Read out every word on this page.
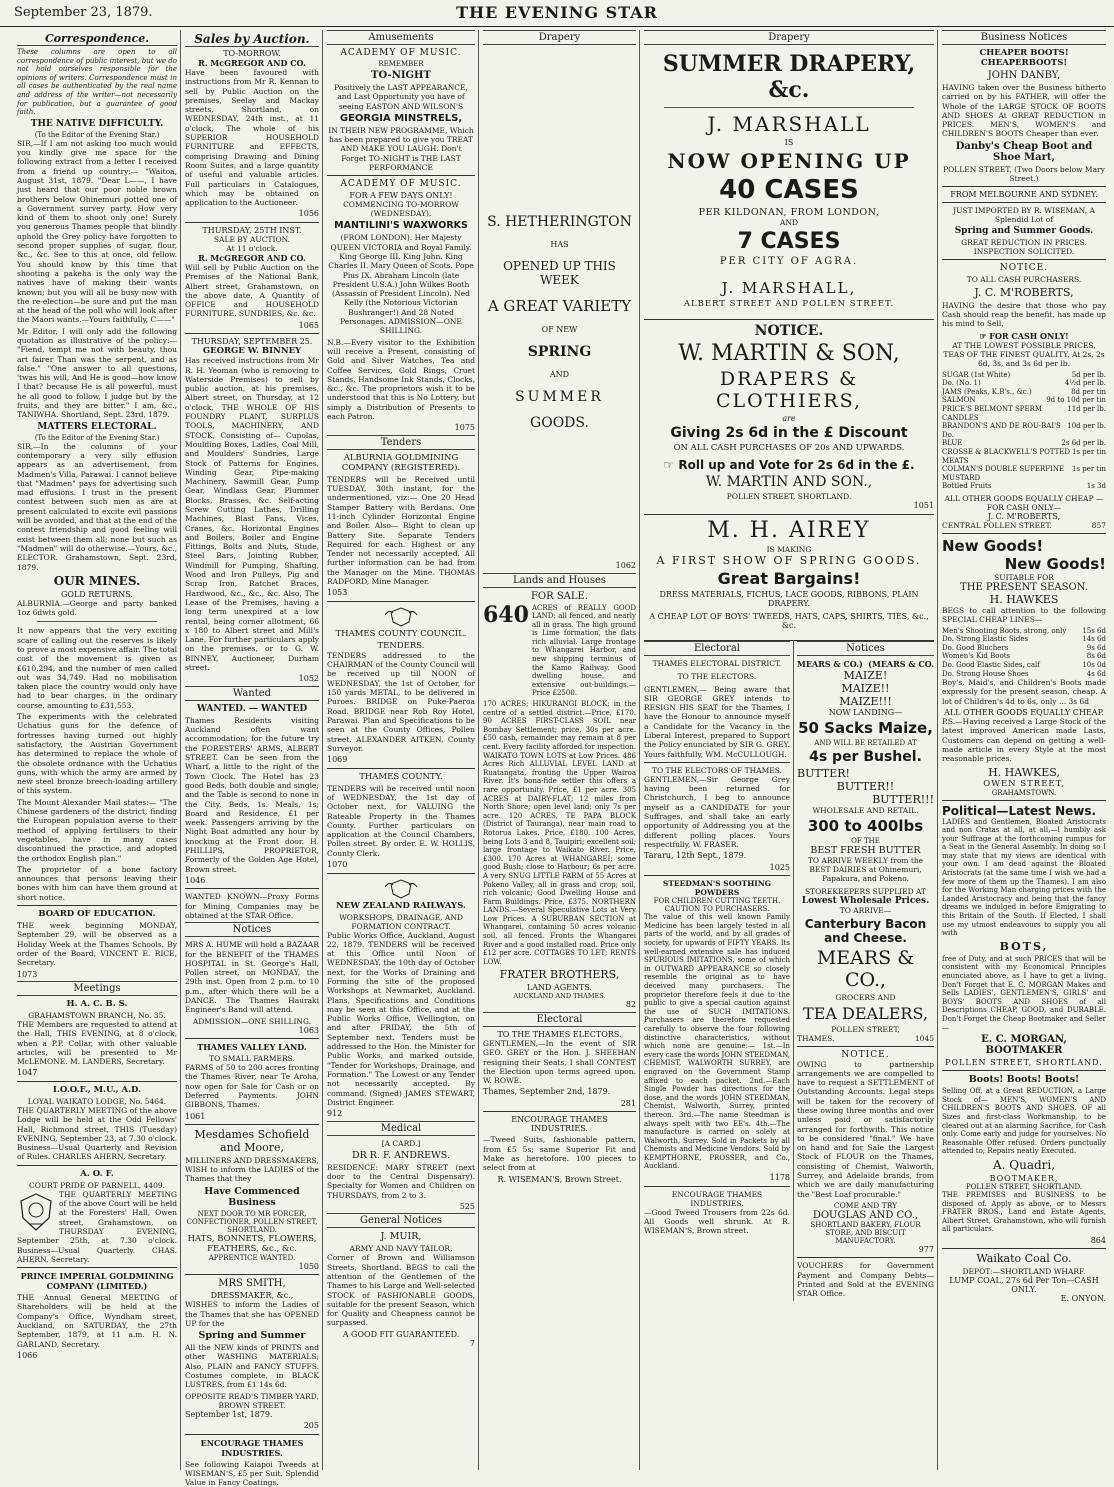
September 23, 1879.	THE EVENING STAR
Correspondence.

These columns are open to all correspondence of public interest, but we do not hold ourselves responsible for the opinions of writers. Correspondence must in all cases be authenticated by the real name and address of the writer—not necessarily for publication, but a guarantee of good faith.

THE NATIVE DIFFICULTY.
(To the Editor of the Evening Star.)

SIR,—If I am not asking too much would you kindly give me space for the following extract from a letter I received from a friend up country:— "Waitoa, August 31st, 1879. "Dear L——, I have just heard that our poor noble brown brothers below Ohinemuri potted one of a Government survey party. How very kind of them to shoot only one! Surely you generous Thames people that blindly uphold the Grey policy have forgotten to second proper supplies of sugar, flour, &c., &c. See to this at once, old fellow. You should know by this time that shooting a pakeha is the only way the natives have of making their wants known; but you will all be busy now with the re-election—be sure and put the man at the head of the poll who will look after the Maori wants.—Yours faithfully, C——"

Mr Editor, I will only add the following quotation as illustrative of the policy:— "Fiend, tempt me not with beauty, thou art fairer Than was the serpent, and as false." "One answer to all questions, 'twas his will, And He is good—how know I that? because He is all powerful, must he all good to follow, I judge but by the fruits, and they are bitter." I am, &c., TANIWHA. Shortland, Sept. 23rd, 1879.

MATTERS ELECTORAL.
(To the Editor of the Evening Star.)

SIR,—In the columns of your contemporary a very silly effusion appears as an advertisement, from Madmen's Villa, Parawai. I cannot believe that "Madmen" pays for advertising such mad effusions. I trust in the present contest between such men as are at present calculated to excite evil passions will be avoided, and that at the end of the contest friendship and good feeling will exist between them all; none but such as "Madmen" will do otherwise.—Yours, &c., ELECTOR. Grahamstown, Sept. 23rd, 1879.

OUR MINES.
GOLD RETURNS.

ALBURNIA.—George and party banked 1oz 6dwts gold.

It now appears that the very exciting scare of calling out the reserves is likely to prove a most expensive affair. The total cost of the movement is given as £610,294, and the number of men called out was 34,749. Had no mobilisation taken place the country would only have had to bear charges, in the ordinary course, amounting to £31,553.

The experiments with the celebrated Uchatius guns for the defence of fortresses having turned out highly satisfactory, the Austrian Government has determined to replace the whole of the obsolete ordnance with the Uchatius guns, with which the army are armed by new steel bronze breech-loading artillery of this system.

The Mount Alexander Mail states:— "The Chinese gardeners of the district, finding the European population averse to their method of applying fertilisers to their vegetables, have in many cases discontinued the practice, and adopted the orthodox English plan."

The proprietor of a bone factory announces that persons leaving their bones with him can have them ground at short notice.

BOARD OF EDUCATION.

THE week beginning MONDAY, September 29, will be observed as a Holiday Week at the Thames Schools. By order of the Board, VINCENT E. RICE, Secretary.

1073
Meetings
H. A. C. B. S.
GRAHAMSTOWN BRANCH, No. 35.

THE Members are requested to attend at the Hall, THIS EVENING, at 8 o'clock, when a P.P. Collar, with other valuable articles, will be presented to Mr McLEMONE. M. LANDERS, Secretary.

1047
I.O.O.F., M.U., A.D.
LOYAL WAIKATO LODGE, No. 5464.

THE QUARTERLY MEETING of the above Lodge will be held at the Odd Fellows' Hall, Richmond street, THIS (Tuesday) EVENING, September 23, at 7.30 o'clock. Business—Usual Quarterly and Revision of Rules. CHARLES AHERN, Secretary.

A. O. F.
COURT PRIDE OF PARNELL, 4409.

THE QUARTERLY MEETING of the above Court will be held at the Foresters' Hall, Owen street, Grahamstown, on THURSDAY EVENING, September 25th, at 7.30 o'clock. Business—Usual Quarterly. CHAS. AHERN, Secretary.

PRINCE IMPERIAL GOLDMINING COMPANY (LIMITED.)

THE Annual General MEETING of Shareholders will be held at the Company's Office, Wyndham street, Auckland, on SATURDAY, the 27th September, 1879, at 11 a.m. H. N. GARLAND, Secretary.

1066
Sales by Auction.
TO-MORROW.
R. McGREGOR AND CO.

Have been favoured with instructions from Mr R. Kennan to sell by Public Auction on the premises, Seelay and Mackay streets, Shortland, on WEDNESDAY, 24th inst., at 11 o'clock, The whole of his SUPERIOR HOUSEHOLD FURNITURE and EFFECTS, comprising Drawing and Dining Room Suites, and a large quantity of useful and valuable articles. Full particulars in Catalogues, which may be obtained on application to the Auctioneer.

1056
THURSDAY, 25TH INST.
SALE BY AUCTION.
At 11 o'clock.
R. McGREGOR AND CO.

Will sell by Public Auction on the Premises of the National Bank, Albert street, Grahamstown, on the above date, A Quantity of OFFICE and HOUSEHOLD FURNITURE, SUNDRIES, &c. &c.

1065
THURSDAY, SEPTEMBER 25.
GEORGE W. BINNEY

Has received instructions from Mr R. H. Yeoman (who is removing to Waterside Premises) to sell by public auction, at his premises, Albert street, on Thursday, at 12 o'clock, THE WHOLE OF HIS FOUNDRY PLANT, SURPLUS TOOLS, MACHINERY, AND STOCK, Consisting of— Cupolas, Moulding Boxes, Ladles, Coal Mill, and Moulders' Sundries, Large Stock of Patterns for Engines, Winding Gear, Pipe-making Machinery, Sawmill Gear, Pump Gear, Windlass Gear, Plummer Blocks, Brasses, &c. Self-acting Screw Cutting Lathes, Drilling Machines, Blast Fans, Vices, Cranes, &c. Horizontal Engines and Boilers, Boiler and Engine Fittings, Bolts and Nuts, Stude, Steel Bars, Jointing Rubber, Windmill for Pumping, Shafting, Wood and Iron Pulleys, Pig and Scrap Iron, Ratchet Braces, Hardwood, &c., &c., &c. Also, The Lease of the Premises, having a long term unexpired at a low rental, being corner allotment, 66 x 180 to Albert street and Mill's Lane. For further particulars apply on the premises, or to G. W. BINNEY, Auctioneer, Durham street.

1052
Wanted
WANTED. — WANTED

Thames Residents visiting Auckland often want accommodation; for the future try the FORESTERS' ARMS, ALBERT STREET. Can be seen from the Wharf, a little to the right of the Town Clock. The Hotel has 23 good Beds, both double and single; and the Table is second to none in the City. Beds, 1s. Meals, 1s; Board and Residence, £1 per week. Passengers arriving by the Night Boat admitted any hour by knocking at the Front door. H. PHILLIPS, PROPRIETOR, Formerly of the Golden Age Hotel, Brown street.

1046

WANTED KNOWN—Proxy Forms for Mining Companies may be obtained at the STAR Office.

Notices

MRS A. HUME will hold a BAZAAR for the BENEFIT of the THAMES HOSPITAL in St. George's Hall, Pollen street, on MONDAY, the 29th inst. Open from 2 p.m. to 10 p.m., after which there will be a DANCE. The Thames Hauraki Engineer's Band will attend.

ADMISSION—ONE SHILLING.
1063
THAMES VALLEY LAND.
TO SMALL FARMERS.

FARMS of 50 to 200 acres fronting the Thames River, near Te Aroha, now open for Sale for Cash or on Deferred Payments. JOHN GIBBONS, Thames.

1061
Mesdames Schofield and Moore,
MILLINERS AND DRESSMAKERS,

WISH to inform the LADIES of the Thames that they

Have Commenced Business
NEXT DOOR TO MR FORCER, CONFECTIONER, POLLEN STREET, SHORTLAND.
HATS, BONNETS, FLOWERS,
FEATHERS, &c., &c.
APPRENTICE WANTED.
1050
MRS SMITH,
DRESSMAKER, &c.,

WISHES to inform the Ladies of the Thames that she has OPENED UP for the

Spring and Summer

All the NEW kinds of PRINTS and other WASHING MATERIALS; Also, PLAIN and FANCY STUFFS. Costumes complete, in BLACK LUSTRES, from £1 14s 6d.

OPPOSITE READ'S TIMBER YARD, BROWN STREET.
September 1st, 1879.
205
ENCOURAGE THAMES INDUSTRIES.

See following Kaiapoi Tweeds at WISEMAN'S, £5 per Suit. Splendid Value in Fancy Coatings.

Amusements
ACADEMY OF MUSIC.
REMEMBER
TO-NIGHT

Positively the LAST APPEARANCE, and Last Opportunity you have of seeing EASTON AND WILSON'S

GEORGIA MINSTRELS,

IN THEIR NEW PROGRAMME, Which has been prepared to give you TREAT AND MAKE YOU LAUGH. Don't Forget TO-NIGHT is THE LAST PERFORMANCE

ACADEMY OF MUSIC.
FOR A FEW DAYS ONLY!
COMMENCING TO-MORROW (WEDNESDAY).
MANTILINI'S WAXWORKS

(FROM LONDON). Her Majesty QUEEN VICTORIA and Royal Family. King George III. King John. King Charles II. Mary Queen of Scots. Pope Pius IX. Abraham Lincoln (late President U.S.A.) John Wilkes Booth (Assassin of President Lincoln). Ned Kelly (the Notorious Victorian Bushranger!) And 28 Noted Personages. ADMISSION—ONE SHILLING.

N.B.—Every visitor to the Exhibition will receive a Present, consisting of Gold and Silver Watches, Tea and Coffee Services, Gold Rings, Cruet Stands, Handsome Ink Stands, Clocks, &c., &c. The proprietors wish it to be understood that this is No Lottery, but simply a Distribution of Presents to each Patron.

1075
Tenders
ALBURNIA GOLDMINING COMPANY (REGISTERED).

TENDERS will be Received until TUESDAY, 30th instant, for the undermentioned, viz:— One 20 Head Stamper Battery with Berdans. One 11-inch Cylinder Horizontal Engine and Boiler. Also— Right to clean up Battery Site. Separate Tenders Required for each. Highest or any Tender not necessarily accepted. All further information can be had from the Manager on the Mine. THOMAS RADFORD, Mine Manager.

1053
THAMES COUNTY COUNCIL.
TENDERS.

TENDERS addressed to the CHAIRMAN of the County Council will be received up till NOON of WEDNESDAY, the 1st of October, for 150 yards METAL, to be delivered in Puroes. BRIDGE on Puke-Paeroa Road. BRIDGE near Rob Roy Hotel, Parawai. Plan and Specifications to be seen at the County Offices, Pollen street. ALEXANDER AITKEN, County Surveyor.

1069
THAMES COUNTY.

TENDERS will be received until noon of WEDNESDAY, the 1st day of October next, for VALUING the Rateable Property in the Thames County. Further particulars on application at the Council Chambers, Pollen street. By order. E. W. HOLLIS, County Clerk.

1070
NEW ZEALAND RAILWAYS.
WORKSHOPS, DRAINAGE, AND FORMATION CONTRACT.

Public Works Office, Auckland, August 22, 1879. TENDERS will be received at this Office until Noon of WEDNESDAY, the 10th day of October next, for the Works of Draining and Forming the site of the proposed Workshops at Newmarket, Auckland. Plans, Specifications and Conditions may be seen at this Office, and at the Public Works Office, Wellington, on and after FRIDAY, the 5th of September next. Tenders must be addressed to the Hon. the Minister for Public Works, and marked outside, "Tender for Workshops, Drainage, and Formation." The Lowest or any Tender not necessarily accepted. By command. (Signed) JAMES STEWART, District Engineer.

912
Medical
[A CARD.]
DR R. F. ANDREWS.

RESIDENCE: MARY STREET (next door to the Central Dispensary). Specialty for Women and Children on THURSDAYS, from 2 to 3.

525
General Notices
J. MUIR,
ARMY AND NAVY TAILOR,

Corner of Brown and Williamson Streets, Shortland. BEGS to call the attention of the Gentlemen of the Thames to his Large and Well-selected STOCK of FASHIONABLE GOODS, suitable for the present Season, which for Quality and Cheapness cannot be surpassed.

A GOOD FIT GUARANTEED.
7
Drapery
S. HETHERINGTON
HAS
OPENED UP THIS WEEK
A GREAT VARIETY
OF NEW
SPRING
AND
SUMMER
GOODS.
1062
Lands and Houses
FOR SALE.
640 ACRES of REALLY GOOD LAND; all fenced, and nearly all in grass. The high ground is Lime formation, the flats rich alluvial. Large frontage to Whangarei Harbor, and new shipping terminus of the Kamo Railway. Good dwelling house, and extensive out-buildings.—Price £2500.

170 ACRES; HIKURANGI BLOCK; in the centre of a settled district.—Price, £170. 90 ACRES FIRST-CLASS SOIL near Bombay Settlement; price, 30s per acre. £50 cash, remainder may remain at 8 per cent. Every facility afforded for inspection. WAIKATO TOWN LOTS at Low Prices. 486 Acres Rich ALLUVIAL LEVEL LAND at Ruatangata, fronting the Upper Wairoa River. It's bona-fide settler this offers a rare opportunity. Price, £1 per acre. 305 ACRES at DAIRY-FLAT; 12 miles from North Shore; open level land; only 7s per acre. 120 ACRES, TE PAPA BLOCK (District of Tauranga), near main road to Rotorua Lakes. Price, £180. 100 Acres, being Lots 3 and 8, Tauipiri; excellent soil; large frontage to Waikato River. Price, £300. 170 Acres at WHANGAREI; some good Bush; close to Harbour; 6s per acre. A very SNUG LITTLE FARM of 55 Acres at Pokeno Valley, all in grass and crop; soil, rich volcanic; Good Dwelling House and Farm Buildings. Price, £375. NORTHERN LANDS.—Several Speculative Lots at Very Low Prices. A SUBURBAN SECTION at Whangarei, containing 50 acres volcanic soil, all fenced. Fronts the Whangarei River and a good installed road. Price only £12 per acre. COTTAGES TO LET; RENTS LOW.

FRATER BROTHERS,
LAND AGENTS.
AUCKLAND AND THAMES.
82
Electoral
TO THE THAMES ELECTORS.

GENTLEMEN,—In the event of SIR GEO. GREY or the Hon. J. SHEEHAN resigning their Seats, I shall CONTEST the Election upon terms agreed upon. W. ROWE.

Thames, September 2nd, 1879.
281
ENCOURAGE THAMES INDUSTRIES.

—Tweed Suits, fashionable pattern, from £5 5s; same Superior Fit and Make as heretofore. 100 pieces to select from at

R. WISEMAN'S, Brown Street.
Drapery
SUMMER DRAPERY, &c.
J. MARSHALL
IS
NOW OPENING UP
40 CASES
PER KILDONAN, FROM LONDON,
AND
7 CASES
PER CITY OF AGRA.
J. MARSHALL,
ALBERT STREET AND POLLEN STREET.
NOTICE.
W. MARTIN & SON,
DRAPERS & CLOTHIERS,
are
Giving 2s 6d in the £ Discount
ON ALL CASH PURCHASES OF 20s AND UPWARDS.
☞ Roll up and Vote for 2s 6d in the £.
W. MARTIN AND SON.,
POLLEN STREET, SHORTLAND.
1051
M. H. AIREY
IS MAKING
A FIRST SHOW OF SPRING GOODS.
Great Bargains!
DRESS MATERIALS, FICHUS, LACE GOODS, RIBBONS, PLAIN DRAPERY.
A CHEAP LOT OF BOYS' TWEEDS, HATS, CAPS, SHIRTS, TIES, &c., &c.
Electoral
THAMES ELECTORAL DISTRICT.
TO THE ELECTORS.

GENTLEMEN,— Being aware that SIR GEORGE GREY intends to RESIGN HIS SEAT for the Thames, I have the Honour to announce myself a Candidate for the Vacancy in the Liberal Interest, prepared to Support the Policy enunciated by SIR G. GREY. Yours faithfully, WM. McCULLOUGH.

TO THE ELECTORS OF THAMES.

GENTLEMEN,—Sir George Grey having been returned for Christchurch, I beg to announce myself as a CANDIDATE for your Suffrages, and shall take an early opportunity of Addressing you at the different polling places. Yours respectfully, W. FRASER.

Tararu, 12th Sept., 1879.
1025
STEEDMAN'S SOOTHING POWDERS
FOR CHILDREN CUTTING TEETH.
CAUTION TO PURCHASERS.

The value of this well known Family Medicine has been largely tested in all parts of the world, and by all grades of society, for upwards of FIFTY YEARS. Its well-earned extensive sale has induced SPURIOUS IMITATIONS, some of which in OUTWARD APPEARANCE so closely resemble the original as to have deceived many purchasers. The proprietor therefore feels it due to the public to give a special caution against the use of SUCH IMITATIONS. Purchasers are therefore requested carefully to observe the four following distinctive characteristics, without which none are genuine:— 1st.—In every case the words JOHN STEEDMAN, CHEMIST, WALWORTH SURREY, are engraved on the Government Stamp affixed to each packet. 2nd.—Each Single Powder has directions for the dose, and the words JOHN STEEDMAN, Chemist, Walworth, Surrey, printed thereon. 3rd.—The name Steedman is always spelt with two EE's. 4th.—The manufacture is carried on solely at Walworth, Surrey. Sold in Packets by all Chemists and Medicine Vendors. Sold by KEMPTHORNE, PROSSER, and Co., Auckland.

1178
ENCOURAGE THAMES INDUSTRIES.

—Good Tweed Trousers from 22s 6d. All Goods well shrunk. At R. WISEMAN'S, Brown street.

Notices
MEARS & CO.) (MEARS & CO.
MAIZE!
MAIZE!!
MAIZE!!!
NOW LANDING—
50 Sacks Maize,
AND WILL BE RETAILED AT
4s per Bushel.
BUTTER!
BUTTER!!
BUTTER!!!
WHOLESALE AND RETAIL.
300 to 400lbs
OF THE
BEST FRESH BUTTER
TO ARRIVE WEEKLY from the BEST DAIRIES at Ohinemuri, Papakura, and Pokeno.
STOREKEEPERS SUPPLIED AT
Lowest Wholesale Prices.
TO ARRIVE—
Canterbury Bacon and Cheese.
MEARS & CO.,
GROCERS AND
TEA DEALERS,
POLLEN STREET,
THAMES.	1045
NOTICE.

OWING to partnership arrangements we are compelled to have to request a SETTLEMENT of Outstanding Accounts. Legal steps will be taken for the recovery of these owing three months and over unless paid or satisfactorily arranged for forthwith. This notice to be considered "final." We have on hand and for Sale the Largest Stock of FLOUR on the Thames, consisting of Chemist, Walworth, Surrey, and Adelaide brands, from which we are daily manufacturing the "Best Loaf procurable."

COME AND TRY
DOUGLAS AND CO.,
SHORTLAND BAKERY, FLOUR STORE, AND BISCUIT MANUFACTORY.
977

VOUCHERS for Government Payment and Company Debts—Printed and Sold at the EVENING STAR Office.

Business Notices
CHEAPER BOOTS! CHEAPERBOOTS!
JOHN DANBY,

HAVING taken over the Business hitherto carried on by his FATHER, will offer the Whole of the LARGE STOCK OF BOOTS AND SHOES At GREAT REDUCTION in PRICES. MEN'S, WOMEN'S and CHILDREN'S BOOTS Cheaper than ever.

Danby's Cheap Boot and Shoe Mart,
POLLEN STREET, (Two Doors below Mary Street.)
FROM MELBOURNE AND SYDNEY.
JUST IMPORTED BY R. WISEMAN, A Splendid Lot of
Spring and Summer Goods.
GREAT REDUCTION IN PRICES. INSPECTION SOLICITED.
NOTICE.
TO ALL CASH PURCHASERS.
J. C. M'ROBERTS,

HAVING the desire that those who pay Cash should reap the benefit, has made up his mind to Sell,

☞ FOR CASH ONLY!
AT THE LOWEST POSSIBLE PRICES, TEAS OF THE FINEST QUALITY, At 2s, 2s 6d, 3s, and 3s 6d per lb.
SUGAR (1st White)	5d per lb.
Do. (No. 1)	4½d per lb.
JAMS (Peaks, K.B's., &c.)	8d per tin
SALMON	9d to 10d per tin
PRICE'S BELMONT SPERM CANDLES
11d per lb.
BRANDON'S AND DE ROU-BAI'S Do.
10d per lb.
BLUE	2s 6d per lb.
CROSSE & BLACKWELL'S POTTED MEATS
1s per tin
COLMAN'S DOUBLE SUPERFINE MUSTARD
1s per tin
Bottled Fruits	1s 3d
ALL OTHER GOODS EQUALLY CHEAP —FOR CASH ONLY—
J. C. M'ROBERTS,
CENTRAL POLLEN STREET.	857
New Goods!
New Goods!
SUITABLE FOR
THE PRESENT SEASON.
H. HAWKES

BEGS to call attention to the following SPECIAL CHEAP LINES—

Men's Shooting Boots, strong, only 15s 6d
Do. Strong Elastic Sides	14s 6d
Do. Good Bluchers	9s 6d
Women's Kid Boots	8s 6d
Do. Good Elastic Sides, calf	10s 0d
Do. Strong House Shoes	4s 6d

Boy's, Maid's, and Children's Boots made expressly for the present season, cheap. A lot of Children's 4d to 6s, only ... 3s 6d

ALL OTHER GOODS EQUALLY CHEAP.

P.S.—Having received a Large Stock of the latest improved American made Lasts, Customers can depend on getting a well-made article in every Style at the most reasonable prices.

H. HAWKES,
OWEN STREET,
GRAHAMSTOWN.
Political—Latest News.

LADIES and Gentlemen, Bloated Aristocrats and non Cratas at all, at all,—I humbly ask your Suffrage at the forthcoming rumpus for a Seat in the General Assembly. In doing so I may state that my views are identical with your own. I am dead against the Bloated Aristocrats (at the same time I wish we had a few more of them up the Thames). I am also for the Working Man charging prices with the Landed Aristocracy and being that the fancy dreams we indulged in before Emigrating to this Britain of the South. If Elected, I shall use my utmost endeavours to supply you all with

BOTS,

free of Duty, and at such PRICES that will be consistent with my Economical Principles enunciated above, as I have to get a living. Don't Forget that E. C. MORGAN Makes and Sells LADIES', GENTLEMEN'S, GIRLS' and BOYS' BOOTS AND SHOES of all Descriptions CHEAP, GOOD, and DURABLE. Don't Forget the Cheap Bootmaker and Seller—

E. C. MORGAN, BOOTMAKER
POLLEN STREET, SHORTLAND.
Boots! Boots! Boots!

Selling Off, at a Great REDUCTION, a Large Stock of— MEN'S, WOMEN'S AND CHILDREN'S BOOTS AND SHOES. OF all Sizes and first-class Workmanship, to be cleared out at an alarming Sacrifice, for Cash only. Come early and judge for yourselves. No Reasonable Offer refused. Orders punctually attended to; Repairs neatly Executed.

A. Quadri,
BOOTMAKER,
POLLEN STREET, SHORTLAND.

THE PREMISES and BUSINESS to be disposed of. Apply as above, or to Messrs FRATER BROS., Land and Estate Agents, Albert Street, Grahamstown, who will furnish all particulars.

864
Waikato Coal Co.
DEPOT:—SHORTLAND WHARF.
LUMP COAL, 27s 6d Per Ton—CASH ONLY.
E. ONYON.
